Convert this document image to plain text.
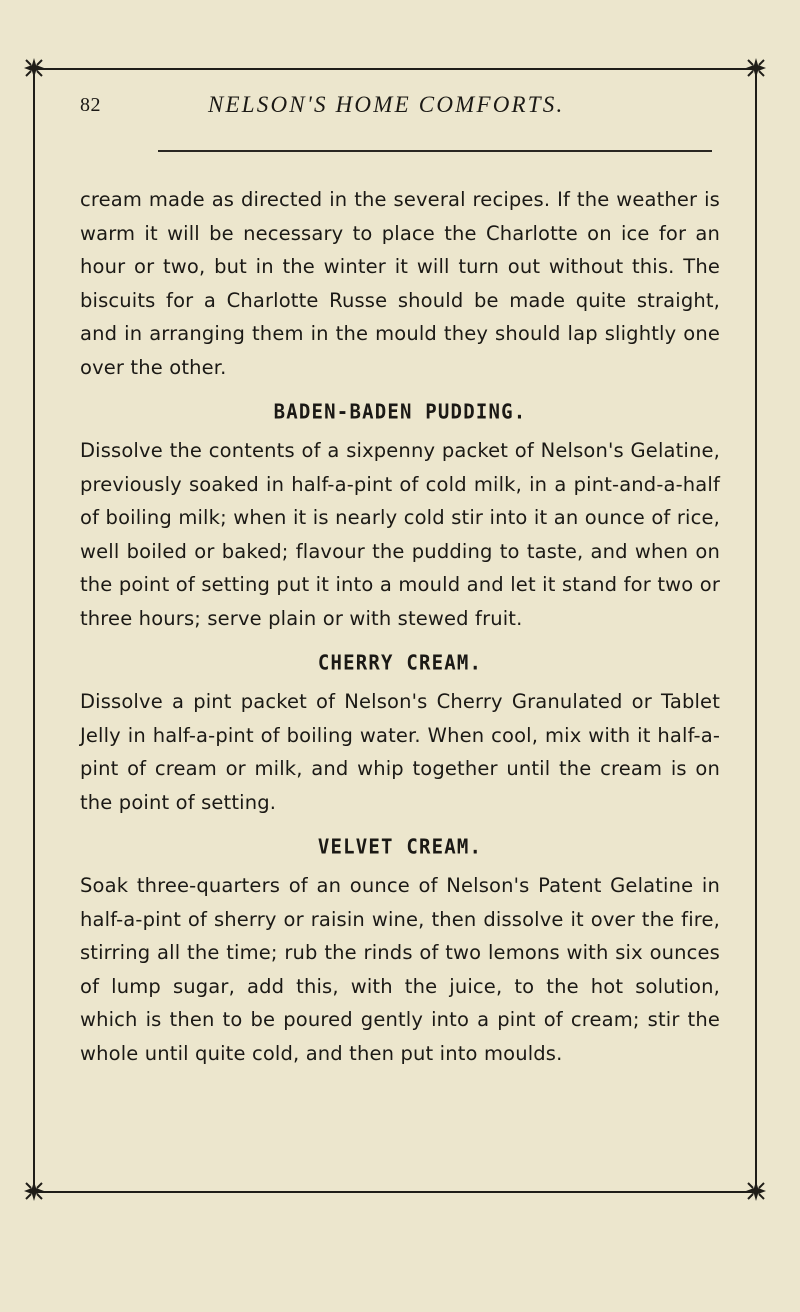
82	NELSON'S HOME COMFORTS.

cream made as directed in the several recipes. If the weather is warm it will be necessary to place the Charlotte on ice for an hour or two, but in the winter it will turn out without this. The biscuits for a Charlotte Russe should be made quite straight, and in arranging them in the mould they should lap slightly one over the other.

BADEN-BADEN PUDDING.

Dissolve the contents of a sixpenny packet of Nelson's Gelatine, previously soaked in half-a-pint of cold milk, in a pint-and-a-half of boiling milk; when it is nearly cold stir into it an ounce of rice, well boiled or baked; flavour the pudding to taste, and when on the point of setting put it into a mould and let it stand for two or three hours; serve plain or with stewed fruit.

CHERRY CREAM.

Dissolve a pint packet of Nelson's Cherry Granulated or Tablet Jelly in half-a-pint of boiling water. When cool, mix with it half-a-pint of cream or milk, and whip together until the cream is on the point of setting.

VELVET CREAM.

Soak three-quarters of an ounce of Nelson's Patent Gelatine in half-a-pint of sherry or raisin wine, then dissolve it over the fire, stirring all the time; rub the rinds of two lemons with six ounces of lump sugar, add this, with the juice, to the hot solution, which is then to be poured gently into a pint of cream; stir the whole until quite cold, and then put into moulds.
